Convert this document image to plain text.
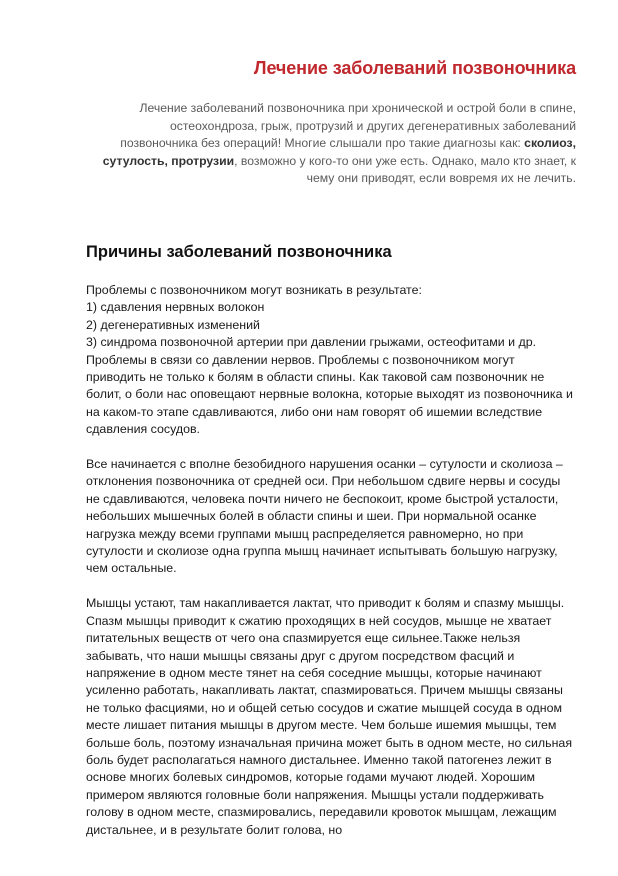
Лечение заболеваний позвоночника

Лечение заболеваний позвоночника при хронической и острой боли в спине, остеохондроза, грыж, протрузий и других дегенеративных заболеваний позвоночника без операций! Многие слышали про такие диагнозы как: сколиоз, сутулость, протрузии, возможно у кого-то они уже есть. Однако, мало кто знает, к чему они приводят, если вовремя их не лечить.

Причины заболеваний позвоночника

Проблемы с позвоночником могут возникать в результате:
1) сдавления нервных волокон
2) дегенеративных изменений
3) синдрома позвоночной артерии при давлении грыжами, остеофитами и др.
Проблемы в связи со давлении нервов. Проблемы с позвоночником могут приводить не только к болям в области спины. Как таковой сам позвоночник не болит, о боли нас оповещают нервные волокна, которые выходят из позвоночника и на каком-то этапе сдавливаются, либо они нам говорят об ишемии вследствие сдавления сосудов.

Все начинается с вполне безобидного нарушения осанки – сутулости и сколиоза – отклонения позвоночника от средней оси. При небольшом сдвиге нервы и сосуды не сдавливаются, человека почти ничего не беспокоит, кроме быстрой усталости, небольших мышечных болей в области спины и шеи. При нормальной осанке нагрузка между всеми группами мышц распределяется равномерно, но при сутулости и сколиозе одна группа мышц начинает испытывать большую нагрузку, чем остальные.

Мышцы устают, там накапливается лактат, что приводит к болям и спазму мышцы. Спазм мышцы приводит к сжатию проходящих в ней сосудов, мышце не хватает питательных веществ от чего она спазмируется еще сильнее.Также нельзя забывать, что наши мышцы связаны друг с другом посредством фасций и напряжение в одном месте тянет на себя соседние мышцы, которые начинают усиленно работать, накапливать лактат, спазмироваться. Причем мышцы связаны не только фасциями, но и общей сетью сосудов и сжатие мышцей сосуда в одном месте лишает питания мышцы в другом месте. Чем больше ишемия мышцы, тем больше боль, поэтому изначальная причина может быть в одном месте, но сильная боль будет располагаться намного дистальнее. Именно такой патогенез лежит в основе многих болевых синдромов, которые годами мучают людей. Хорошим примером являются головные боли напряжения. Мышцы устали поддерживать голову в одном месте, спазмировались, передавили кровоток мышцам, лежащим дистальнее, и в результате болит голова, но
